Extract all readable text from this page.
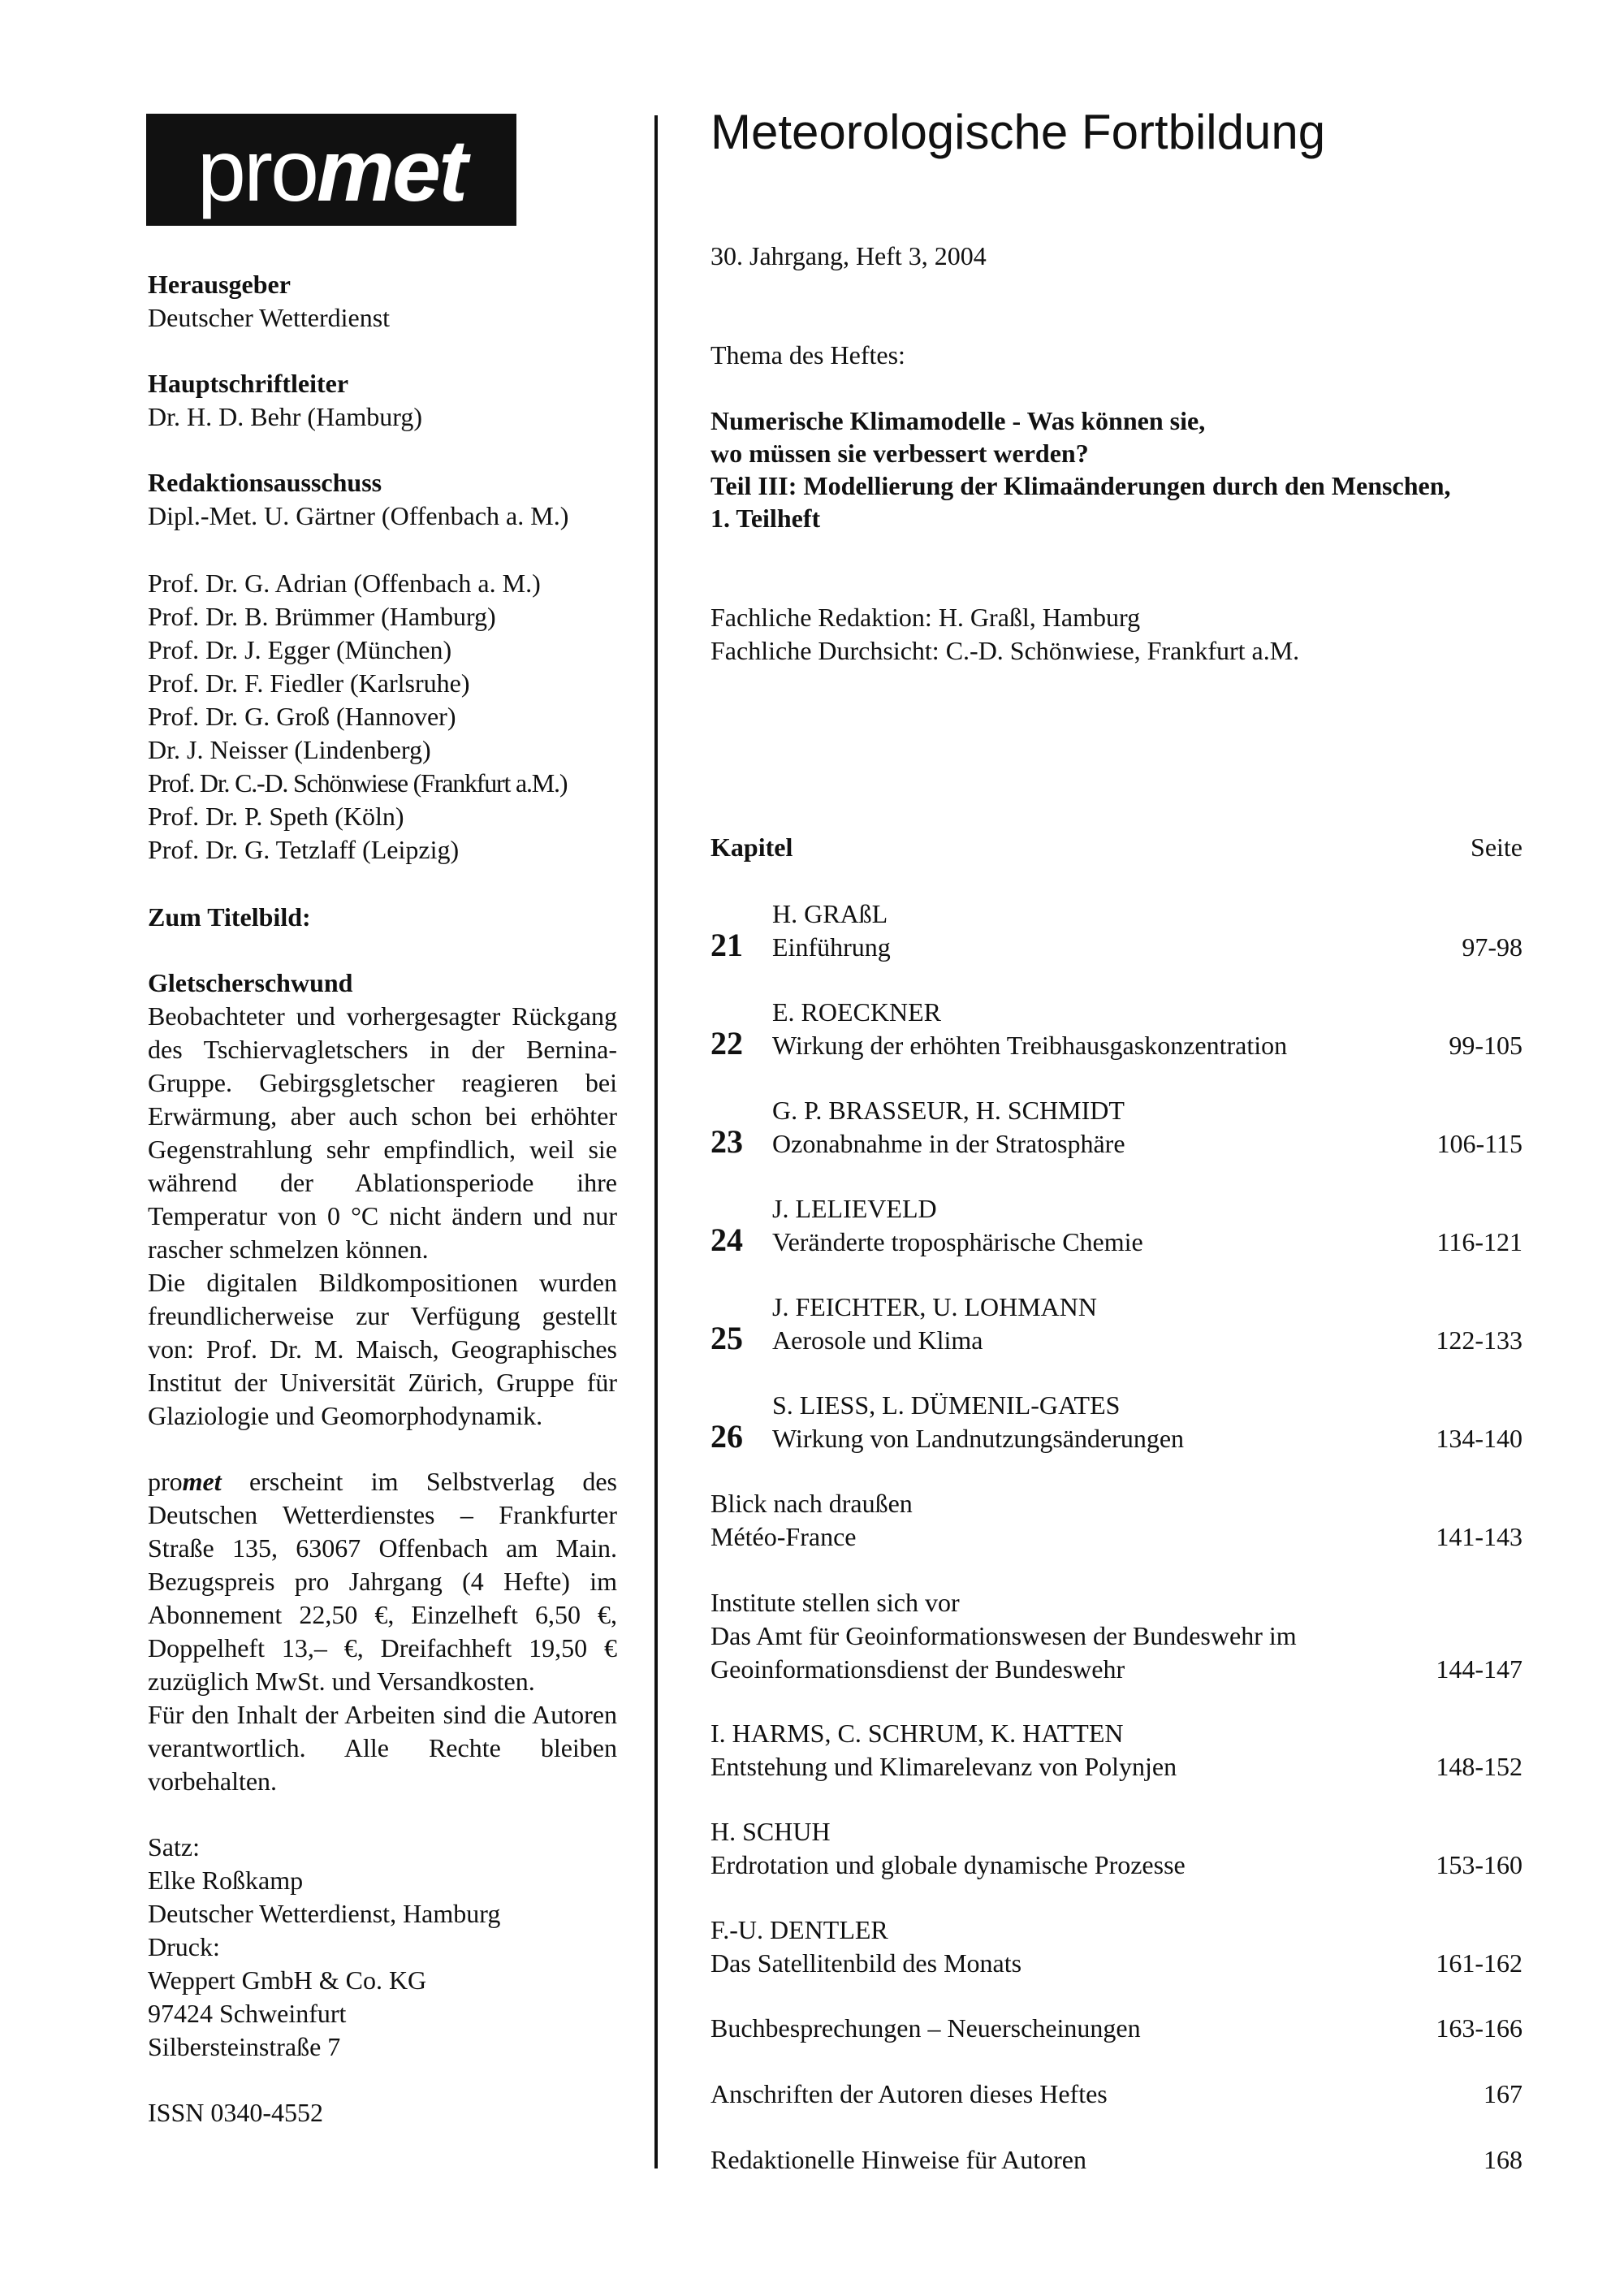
pro met

Herausgeber

Deutscher Wetterdienst

Hauptschriftleiter

Dr. H. D. Behr (Hamburg)

Redaktionsausschuss

Dipl.-Met. U. Gärtner (Offenbach a. M.)

Prof. Dr. G. Adrian (Offenbach a. M.)

Prof. Dr. B. Brümmer (Hamburg)

Prof. Dr. J. Egger (München)

Prof. Dr. F. Fiedler (Karlsruhe)

Prof. Dr. G. Groß (Hannover)

Dr. J. Neisser (Lindenberg)

Prof. Dr. C.-D. Schönwiese (Frankfurt a.M.)

Prof. Dr. P. Speth (Köln)

Prof. Dr. G. Tetzlaff (Leipzig)

Zum Titelbild:

Gletscherschwund

Beobachteter und vorhergesagter Rückgang des Tschiervagletschers in der Bernina-Gruppe. Gebirgsgletscher reagieren bei Erwärmung, aber auch schon bei erhöhter Gegenstrahlung sehr empfindlich, weil sie während der Ablationsperiode ihre Temperatur von 0 °C nicht ändern und nur rascher schmelzen können.

Die digitalen Bildkompositionen wurden freundlicherweise zur Verfügung gestellt von: Prof. Dr. M. Maisch, Geographisches Institut der Universität Zürich, Gruppe für Glaziologie und Geomorphodynamik.

promet erscheint im Selbstverlag des Deutschen Wetterdienstes – Frankfurter Straße 135, 63067 Offenbach am Main. Bezugspreis pro Jahrgang (4 Hefte) im Abonnement 22,50 €, Einzelheft 6,50 €, Doppelheft 13,– €, Dreifachheft 19,50 € zuzüglich MwSt. und Versandkosten.

Für den Inhalt der Arbeiten sind die Autoren verantwortlich. Alle Rechte bleiben vorbehalten.

Satz:

Elke Roßkamp

Deutscher Wetterdienst, Hamburg

Druck:

Weppert GmbH & Co. KG

97424 Schweinfurt

Silbersteinstraße 7

ISSN 0340-4552

Meteorologische Fortbildung
30. Jahrgang, Heft 3, 2004
Thema des Heftes:
Numerische Klimamodelle - Was können sie,
wo müssen sie verbessert werden?
Teil III: Modellierung der Klimaänderungen durch den Menschen,
1. Teilheft
Fachliche Redaktion: H. Graßl, Hamburg
Fachliche Durchsicht: C.-D. Schönwiese, Frankfurt a.M.
Kapitel	Seite
21
H. GRAßL
Einführung	97-98
22
E. ROECKNER
Wirkung der erhöhten Treibhausgaskonzentration	99-105
23
G. P. BRASSEUR, H. SCHMIDT
Ozonabnahme in der Stratosphäre	106-115
24
J. LELIEVELD
Veränderte troposphärische Chemie	116-121
25
J. FEICHTER, U. LOHMANN
Aerosole und Klima	122-133
26
S. LIESS, L. DÜMENIL-GATES
Wirkung von Landnutzungsänderungen	134-140
Blick nach draußen
Météo-France	141-143
Institute stellen sich vor
Das Amt für Geoinformationswesen der Bundeswehr im
Geoinformationsdienst der Bundeswehr	144-147
I. HARMS, C. SCHRUM, K. HATTEN
Entstehung und Klimarelevanz von Polynjen	148-152
H. SCHUH
Erdrotation und globale dynamische Prozesse	153-160
F.-U. DENTLER
Das Satellitenbild des Monats	161-162
Buchbesprechungen – Neuerscheinungen	163-166
Anschriften der Autoren dieses Heftes	167
Redaktionelle Hinweise für Autoren	168
